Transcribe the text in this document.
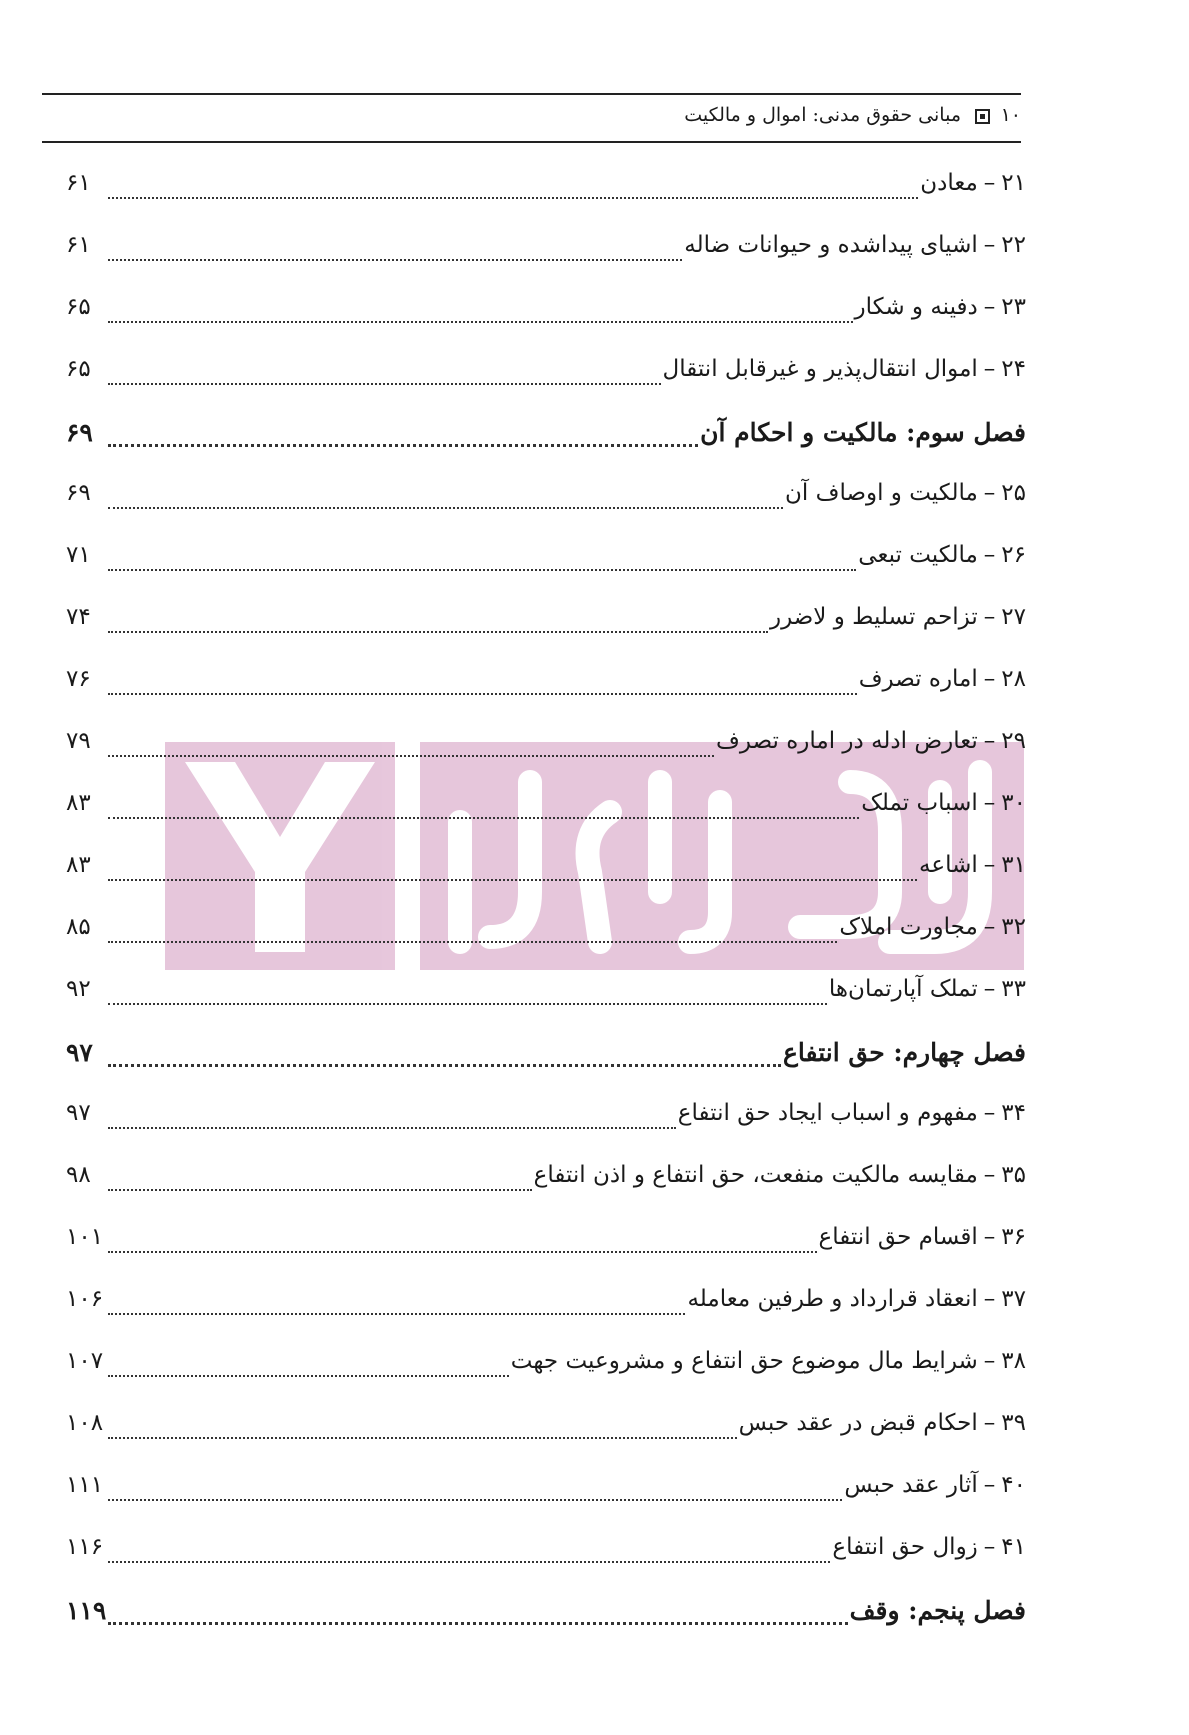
۱۰
مبانی حقوق مدنی: اموال و مالکیت
۲۱
–
معادن
۶۱
۲۲
–
اشیای پیداشده و حیوانات ضاله
۶۱
۲۳
–
دفینه و شکار
۶۵
۲۴
–
اموال انتقال‌پذیر و غیرقابل انتقال
۶۵
فصل سوم: مالکیت و احکام آن
۶۹
۲۵
–
مالکیت و اوصاف آن
۶۹
۲۶
–
مالکیت تبعی
۷۱
۲۷
–
تزاحم تسلیط و لاضرر
۷۴
۲۸
–
اماره تصرف
۷۶
۲۹
–
تعارض ادله در اماره تصرف
۷۹
۳۰
–
اسباب تملک
۸۳
۳۱
–
اشاعه
۸۳
۳۲
–
مجاورت املاک
۸۵
۳۳
–
تملک آپارتمان‌ها
۹۲
فصل چهارم: حق انتفاع
۹۷
۳۴
–
مفهوم و اسباب ایجاد حق انتفاع
۹۷
۳۵
–
مقایسه مالکیت منفعت، حق انتفاع و اذن انتفاع
۹۸
۳۶
–
اقسام حق انتفاع
۱۰۱
۳۷
–
انعقاد قرارداد و طرفین معامله
۱۰۶
۳۸
–
شرایط مال موضوع حق انتفاع و مشروعیت جهت
۱۰۷
۳۹
–
احکام قبض در عقد حبس
۱۰۸
۴۰
–
آثار عقد حبس
۱۱۱
۴۱
–
زوال حق انتفاع
۱۱۶
فصل پنجم: وقف
۱۱۹
